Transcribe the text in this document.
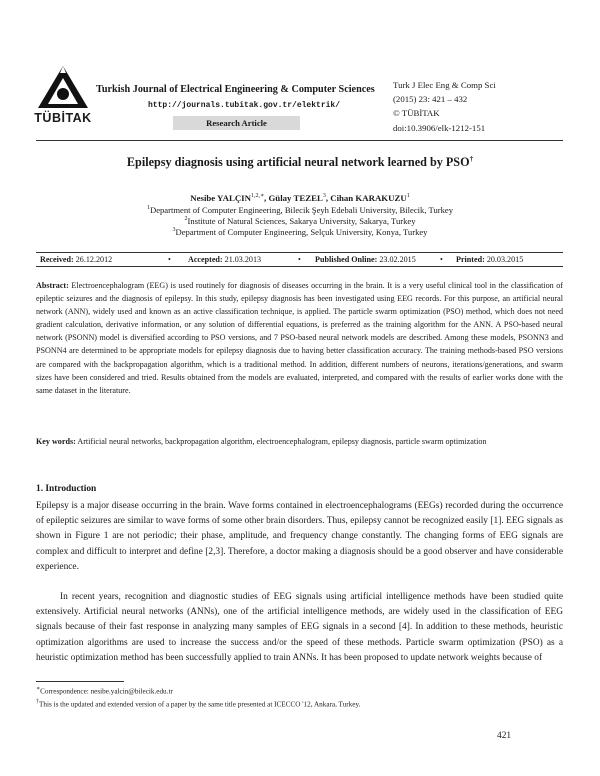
TÜBİTAK
Turkish Journal of Electrical Engineering & Computer Sciences
http://journals.tubitak.gov.tr/elektrik/
Research Article
Turk J Elec Eng & Comp Sci
(2015) 23: 421 – 432
© TÜBİTAK
doi:10.3906/elk-1212-151
Epilepsy diagnosis using artificial neural network learned by PSO†
Nesibe $YALÇIN^{1,2,∗}$, Gülay TEZEL$^3$, Cihan KARAKUZU$^1$
$^1$Department of Computer Engineering, Bilecik Şeyh Edebali University, Bilecik, Turkey
$^2$Institute of Natural Sciences, Sakarya University, Sakarya, Turkey
$^3$Department of Computer Engineering, Selçuk University, Konya, Turkey
Received: 26.12.2012	• Accepted: 21.03.2013	• Published Online: 23.02.2015	• Printed: 20.03.2015
Abstract: Electroencephalogram (EEG) is used routinely for diagnosis of diseases occurring in the brain. It is a very useful clinical tool in the classification of epileptic seizures and the diagnosis of epilepsy. In this study, epilepsy diagnosis has been investigated using EEG records. For this purpose, an artificial neural network (ANN), widely used and known as an active classification technique, is applied. The particle swarm optimization (PSO) method, which does not need gradient calculation, derivative information, or any solution of differential equations, is preferred as the training algorithm for the ANN. A PSO-based neural network (PSONN) model is diversified according to PSO versions, and 7 PSO-based neural network models are described. Among these models, PSONN3 and PSONN4 are determined to be appropriate models for epilepsy diagnosis due to having better classification accuracy. The training methods-based PSO versions are compared with the backpropagation algorithm, which is a traditional method. In addition, different numbers of neurons, iterations/generations, and swarm sizes have been considered and tried. Results obtained from the models are evaluated, interpreted, and compared with the results of earlier works done with the same dataset in the literature.
Key words: Artificial neural networks, backpropagation algorithm, electroencephalogram, epilepsy diagnosis, particle swarm optimization
1. Introduction
Epilepsy is a major disease occurring in the brain. Wave forms contained in electroencephalograms (EEGs) recorded during the occurrence of epileptic seizures are similar to wave forms of some other brain disorders. Thus, epilepsy cannot be recognized easily [1]. EEG signals as shown in Figure 1 are not periodic; their phase, amplitude, and frequency change constantly. The changing forms of EEG signals are complex and difficult to interpret and define [2,3]. Therefore, a doctor making a diagnosis should be a good observer and have considerable experience.
In recent years, recognition and diagnostic studies of EEG signals using artificial intelligence methods have been studied quite extensively. Artificial neural networks (ANNs), one of the artificial intelligence methods, are widely used in the classification of EEG signals because of their fast response in analyzing many samples of EEG signals in a second [4]. In addition to these methods, heuristic optimization algorithms are used to increase the success and/or the speed of these methods. Particle swarm optimization (PSO) as a heuristic optimization method has been successfully applied to train ANNs. It has been proposed to update network weights because of
∗Correspondence: nesibe.yalcin@bilecik.edu.tr
†This is the updated and extended version of a paper by the same title presented at ICECCO '12, Ankara, Turkey.
421
